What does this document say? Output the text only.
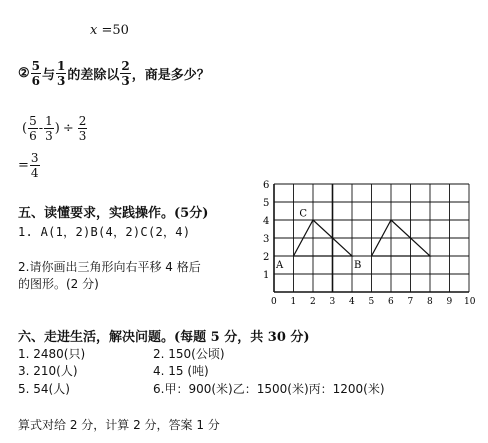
x =50
② $\frac{5}{6}$ 与 $\frac{1}{3}$ 的差除以 $\frac{2}{3}$ ，商是多少？
( $\frac{5}{6} - \frac{1}{3}$ ) ÷ $\frac{2}{3}$
= $\frac{3}{4}$
五、读懂要求，实践操作。(5分)
1. A(1，2)B(4，2)C(2，4)
2.请你画出三角形向右平移 4 格后
的图形。(2 分)
1
2
3
4
5
6
0 1 2 3 4 5 6 7 8 9 10
A	B
C
六、走进生活，解决问题。(每题 5 分，共 30 分)
1. 2480(只)	2. 150(公顷)
3. 210(人)	4. 15 (吨)
5. 54(人)	6.甲：900(米)乙：1500(米)丙：1200(米)
算式对给 2 分，计算 2 分，答案 1 分
